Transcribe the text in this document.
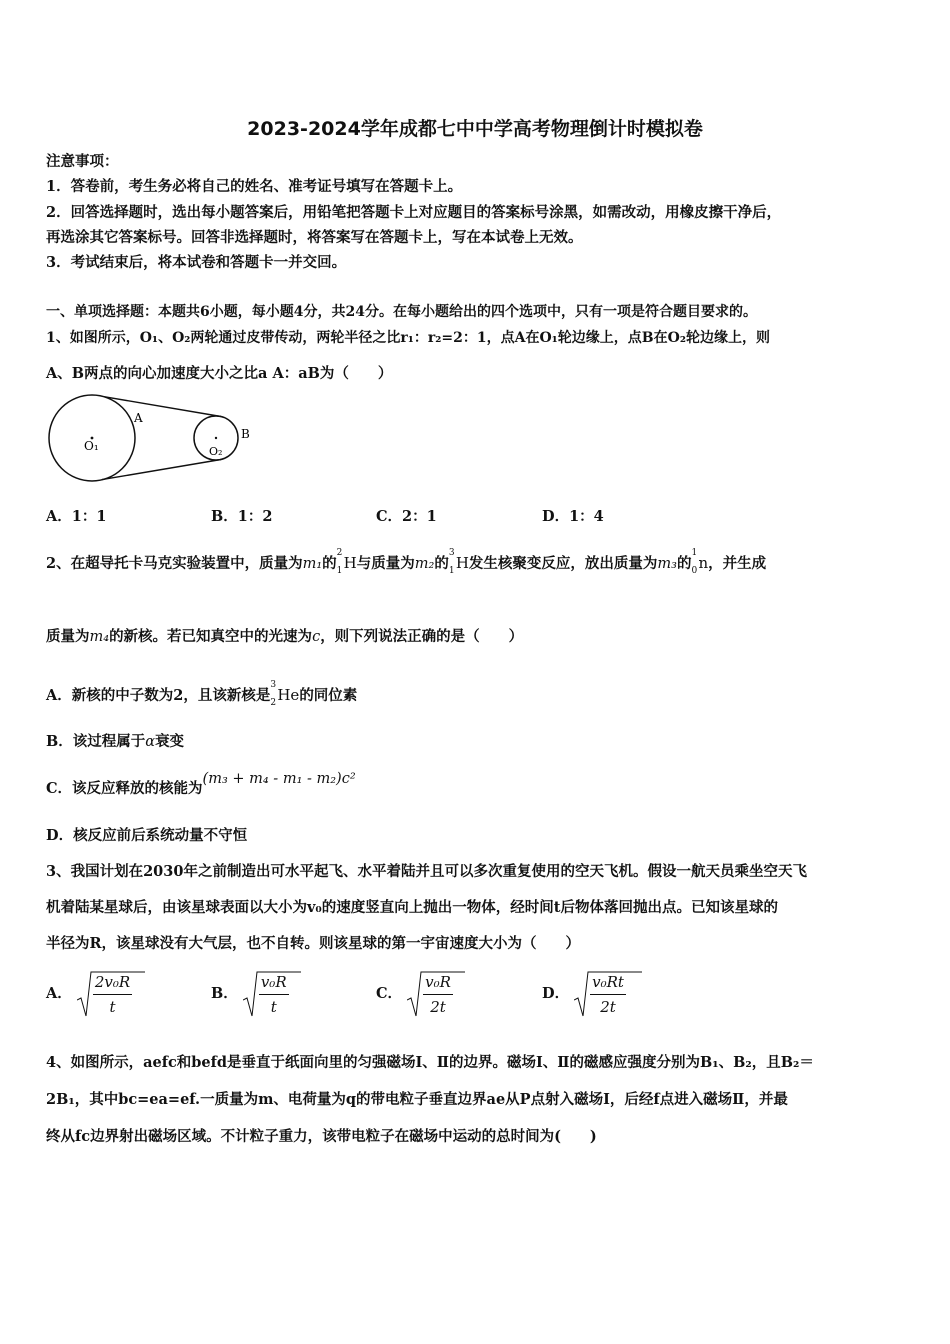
2023-2024学年成都七中中学高考物理倒计时模拟卷
注意事项：
1．答卷前，考生务必将自己的姓名、准考证号填写在答题卡上。
2．回答选择题时，选出每小题答案后，用铅笔把答题卡上对应题目的答案标号涂黑，如需改动，用橡皮擦干净后，
再选涂其它答案标号。回答非选择题时，将答案写在答题卡上，写在本试卷上无效。
3．考试结束后，将本试卷和答题卡一并交回。
一、单项选择题：本题共6小题，每小题4分，共24分。在每小题给出的四个选项中，只有一项是符合题目要求的。
1、如图所示，O₁、O₂两轮通过皮带传动，两轮半径之比r₁：r₂=2：1，点A在O₁轮边缘上，点B在O₂轮边缘上，则
A、B两点的向心加速度大小之比a A：aB为（　　）
O₁	O₂
A
B
A．1：1	B．1：2	C．2：1	D．1：4
2、在超导托卡马克实验装置中，质量为m₁的
2
1 H与质量为m₂的
3
1 H发生核聚变反应，放出质量为m₃的
1
0 n，并生成
质量为m₄的新核。若已知真空中的光速为c，则下列说法正确的是（　　）
A．新核的中子数为2，且该新核是
3
2 He的同位素
B．该过程属于α衰变
C．该反应释放的核能为(m₃ + m₄ - m₁ - m₂)c²
D．核反应前后系统动量不守恒
3、我国计划在2030年之前制造出可水平起飞、水平着陆并且可以多次重复使用的空天飞机。假设一航天员乘坐空天飞
机着陆某星球后，由该星球表面以大小为v₀的速度竖直向上抛出一物体，经时间t后物体落回抛出点。已知该星球的
半径为R，该星球没有大气层，也不自转。则该星球的第一宇宙速度大小为（　　）
A． $\frac{\text{2v₀R}}{t}$	B． $\frac{\text{v₀R}}{t}$	C． $\frac{\text{v₀R}}{2t}$	D． $\frac{\text{v₀Rt}}{2t}$
4、如图所示，aefc和befd是垂直于纸面向里的匀强磁场Ⅰ、Ⅱ的边界。磁场Ⅰ、Ⅱ的磁感应强度分别为B₁、B₂，且B₂＝
2B₁，其中bc=ea=ef.一质量为m、电荷量为q的带电粒子垂直边界ae从P点射入磁场Ⅰ，后经f点进入磁场Ⅱ，并最
终从fc边界射出磁场区域。不计粒子重力，该带电粒子在磁场中运动的总时间为(　　)
